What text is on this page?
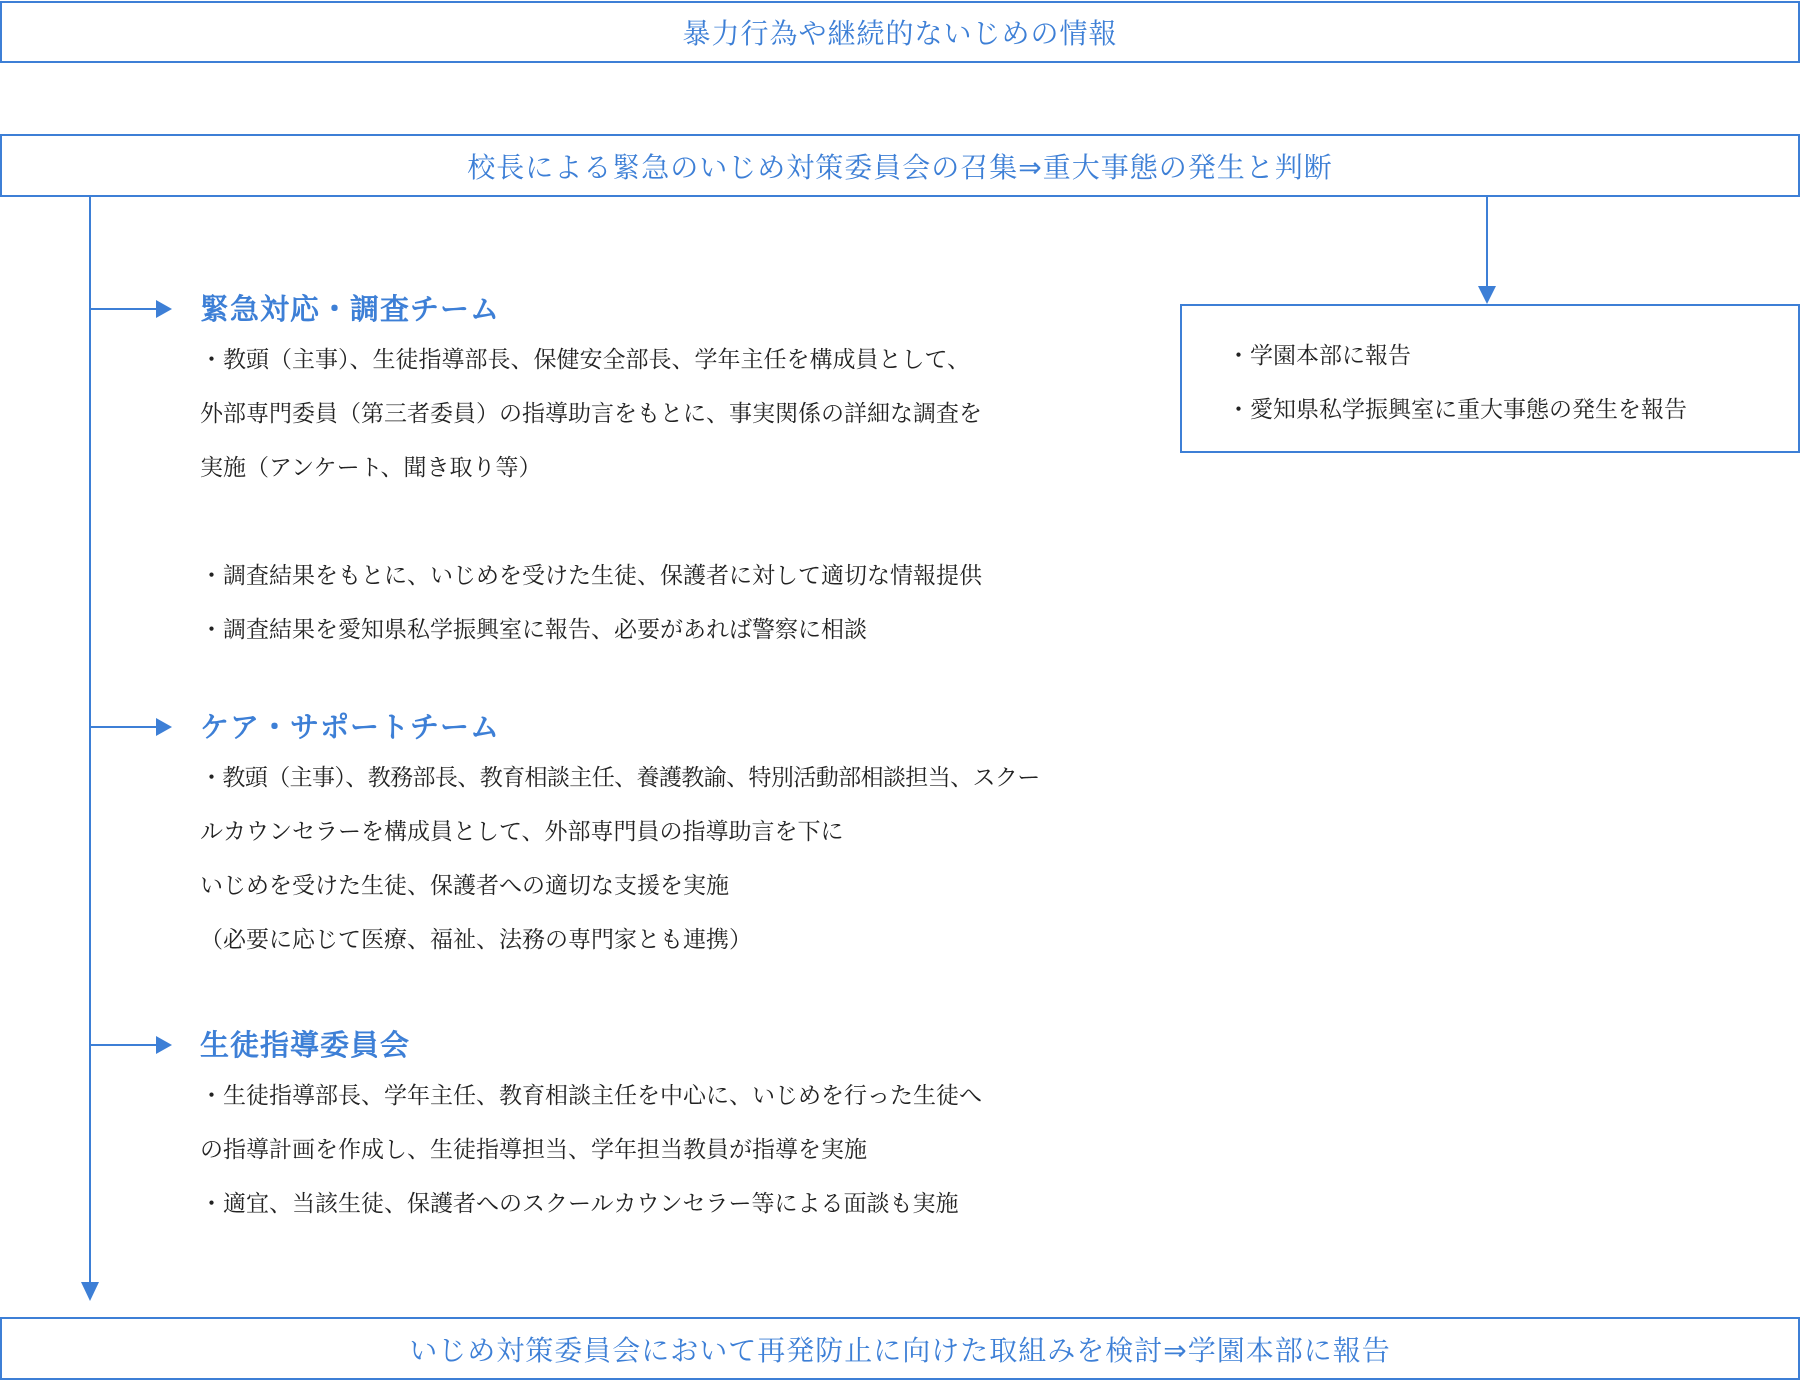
暴力行為や継続的ないじめの情報
校長による緊急のいじめ対策委員会の召集⇒重大事態の発生と判断
・学園本部に報告
・愛知県私学振興室に重大事態の発生を報告
緊急対応・調査チーム
・教頭（主事）、生徒指導部長、保健安全部長、学年主任を構成員として、
外部専門委員（第三者委員）の指導助言をもとに、事実関係の詳細な調査を
実施（アンケート、聞き取り等）
・調査結果をもとに、いじめを受けた生徒、保護者に対して適切な情報提供
・調査結果を愛知県私学振興室に報告、必要があれば警察に相談
ケア・サポートチーム
・教頭（主事）、教務部長、教育相談主任、養護教諭、特別活動部相談担当、スクー
ルカウンセラーを構成員として、外部専門員の指導助言を下に
いじめを受けた生徒、保護者への適切な支援を実施
（必要に応じて医療、福祉、法務の専門家とも連携）
生徒指導委員会
・生徒指導部長、学年主任、教育相談主任を中心に、いじめを行った生徒へ
の指導計画を作成し、生徒指導担当、学年担当教員が指導を実施
・適宜、当該生徒、保護者へのスクールカウンセラー等による面談も実施
いじめ対策委員会において再発防止に向けた取組みを検討⇒学園本部に報告
